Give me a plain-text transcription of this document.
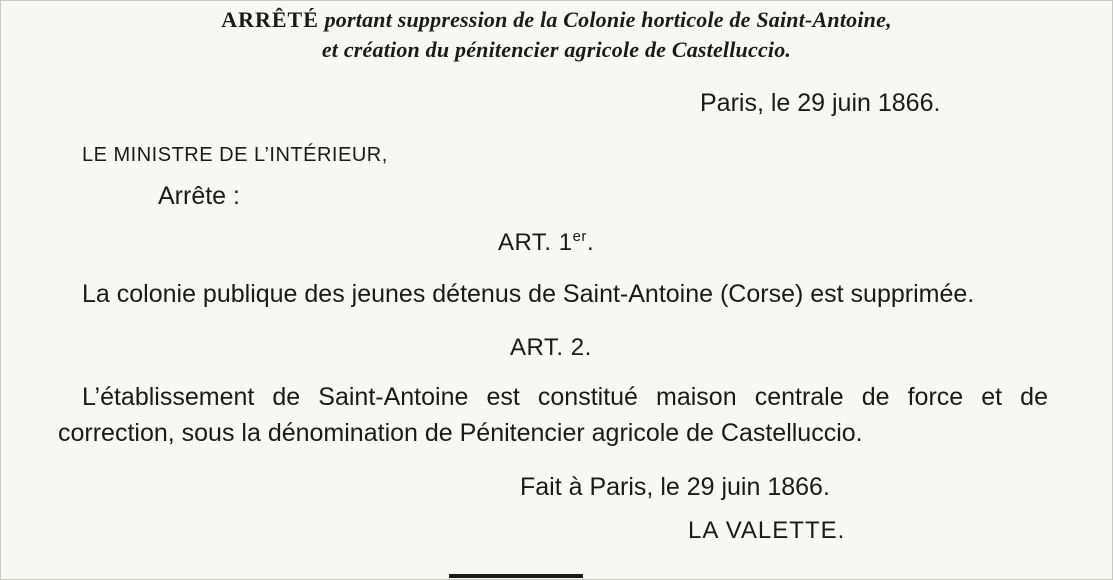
ARRÊTÉ portant suppression de la Colonie horticole de Saint-Antoine,
et création du pénitencier agricole de Castelluccio.
Paris, le 29 juin 1866.
LE MINISTRE DE L’INTÉRIEUR,
Arrête :
ART. 1er.
La colonie publique des jeunes détenus de Saint-Antoine (Corse) est supprimée.
ART. 2.
L’établissement de Saint-Antoine est constitué maison centrale de force et de correction, sous la dénomination de Pénitencier agricole de Castelluccio.
Fait à Paris, le 29 juin 1866.
LA VALETTE.
